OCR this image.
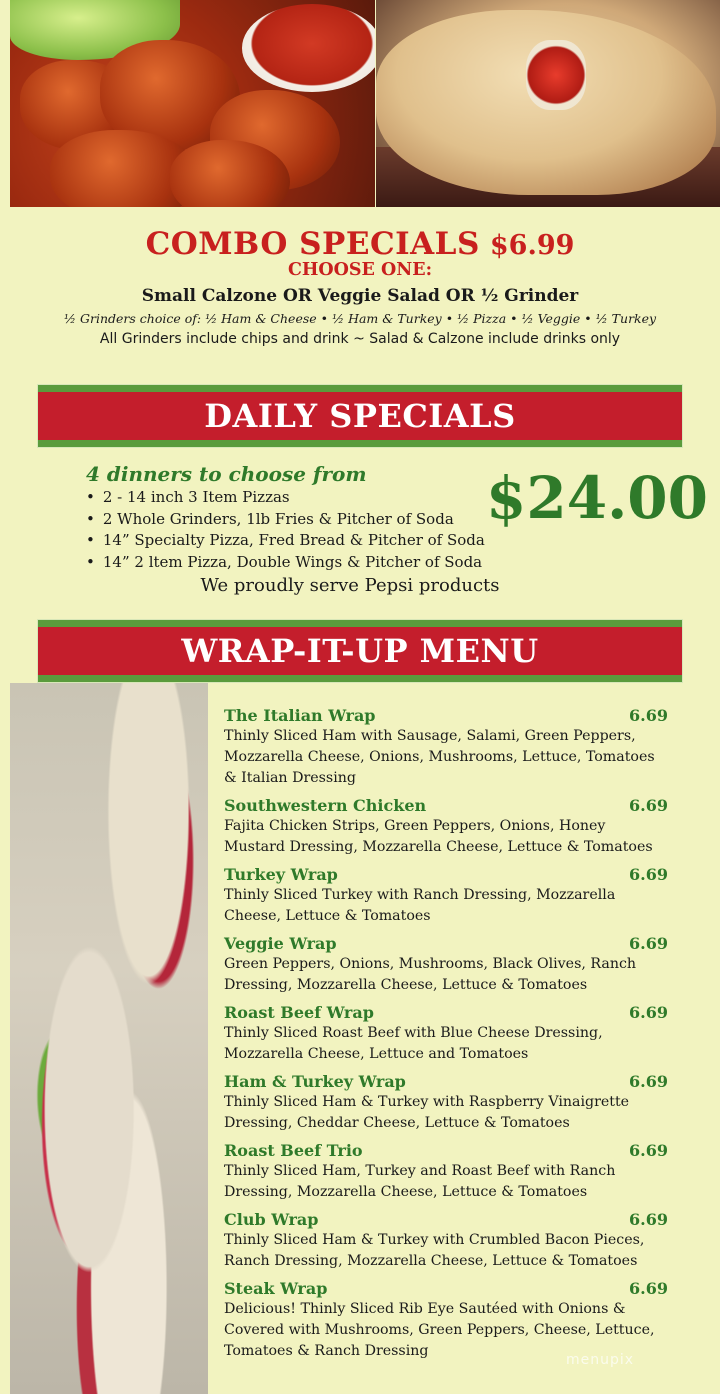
COMBO SPECIALS $6.99
CHOOSE ONE:
Small Calzone OR Veggie Salad OR ½ Grinder
½ Grinders choice of: ½ Ham & Cheese • ½ Ham & Turkey • ½ Pizza • ½ Veggie • ½ Turkey
All Grinders include chips and drink ~ Salad & Calzone include drinks only
DAILY SPECIALS
4 dinners to choose from
• 2 - 14 inch 3 Item Pizzas
• 2 Whole Grinders, 1lb Fries & Pitcher of Soda
• 14” Specialty Pizza, Fred Bread & Pitcher of Soda
• 14” 2 ltem Pizza, Double Wings & Pitcher of Soda
$24.00
We proudly serve Pepsi products
WRAP-IT-UP MENU
The Italian Wrap	6.69
Thinly Sliced Ham with Sausage, Salami, Green Peppers, Mozzarella Cheese, Onions, Mushrooms, Lettuce, Tomatoes & Italian Dressing
Southwestern Chicken	6.69
Fajita Chicken Strips, Green Peppers, Onions, Honey Mustard Dressing, Mozzarella Cheese, Lettuce & Tomatoes
Turkey Wrap	6.69
Thinly Sliced Turkey with Ranch Dressing, Mozzarella Cheese, Lettuce & Tomatoes
Veggie Wrap	6.69
Green Peppers, Onions, Mushrooms, Black Olives, Ranch Dressing, Mozzarella Cheese, Lettuce & Tomatoes
Roast Beef Wrap	6.69
Thinly Sliced Roast Beef with Blue Cheese Dressing, Mozzarella Cheese, Lettuce and Tomatoes
Ham & Turkey Wrap	6.69
Thinly Sliced Ham & Turkey with Raspberry Vinaigrette Dressing, Cheddar Cheese, Lettuce & Tomatoes
Roast Beef Trio	6.69
Thinly Sliced Ham, Turkey and Roast Beef with Ranch Dressing, Mozzarella Cheese, Lettuce & Tomatoes
Club Wrap	6.69
Thinly Sliced Ham & Turkey with Crumbled Bacon Pieces, Ranch Dressing, Mozzarella Cheese, Lettuce & Tomatoes
Steak Wrap	6.69
Delicious! Thinly Sliced Rib Eye Sautéed with Onions & Covered with Mushrooms, Green Peppers, Cheese, Lettuce, Tomatoes & Ranch Dressing
menupix
